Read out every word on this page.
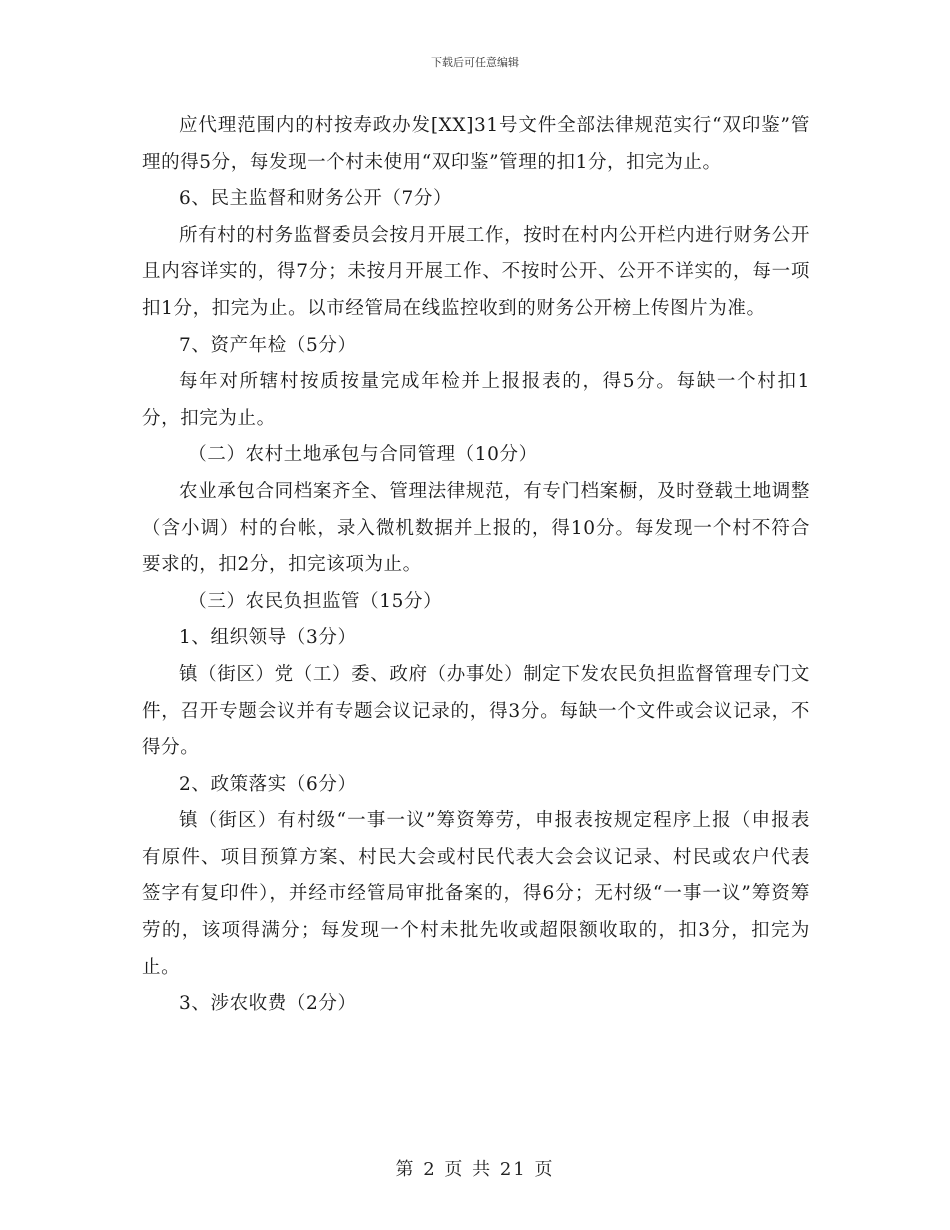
下载后可任意编辑

应代理范围内的村按寿政办发[XX]31号文件全部法律规范实行“双印鉴”管理的得5分，每发现一个村未使用“双印鉴”管理的扣1分，扣完为止。

6、民主监督和财务公开（7分）

所有村的村务监督委员会按月开展工作，按时在村内公开栏内进行财务公开且内容详实的，得7分；未按月开展工作、不按时公开、公开不详实的，每一项扣1分，扣完为止。以市经管局在线监控收到的财务公开榜上传图片为准。

7、资产年检（5分）

每年对所辖村按质按量完成年检并上报报表的，得5分。每缺一个村扣1分，扣完为止。

（二）农村土地承包与合同管理（10分）

农业承包合同档案齐全、管理法律规范，有专门档案橱，及时登载土地调整（含小调）村的台帐，录入微机数据并上报的，得10分。每发现一个村不符合要求的，扣2分，扣完该项为止。

（三）农民负担监管（15分）

1、组织领导（3分）

镇（街区）党（工）委、政府（办事处）制定下发农民负担监督管理专门文件，召开专题会议并有专题会议记录的，得3分。每缺一个文件或会议记录，不得分。

2、政策落实（6分）

镇（街区）有村级“一事一议”筹资筹劳，申报表按规定程序上报（申报表有原件、项目预算方案、村民大会或村民代表大会会议记录、村民或农户代表签字有复印件），并经市经管局审批备案的，得6分；无村级“一事一议”筹资筹劳的，该项得满分；每发现一个村未批先收或超限额收取的，扣3分，扣完为止。

3、涉农收费（2分）

第 2 页 共 21 页
